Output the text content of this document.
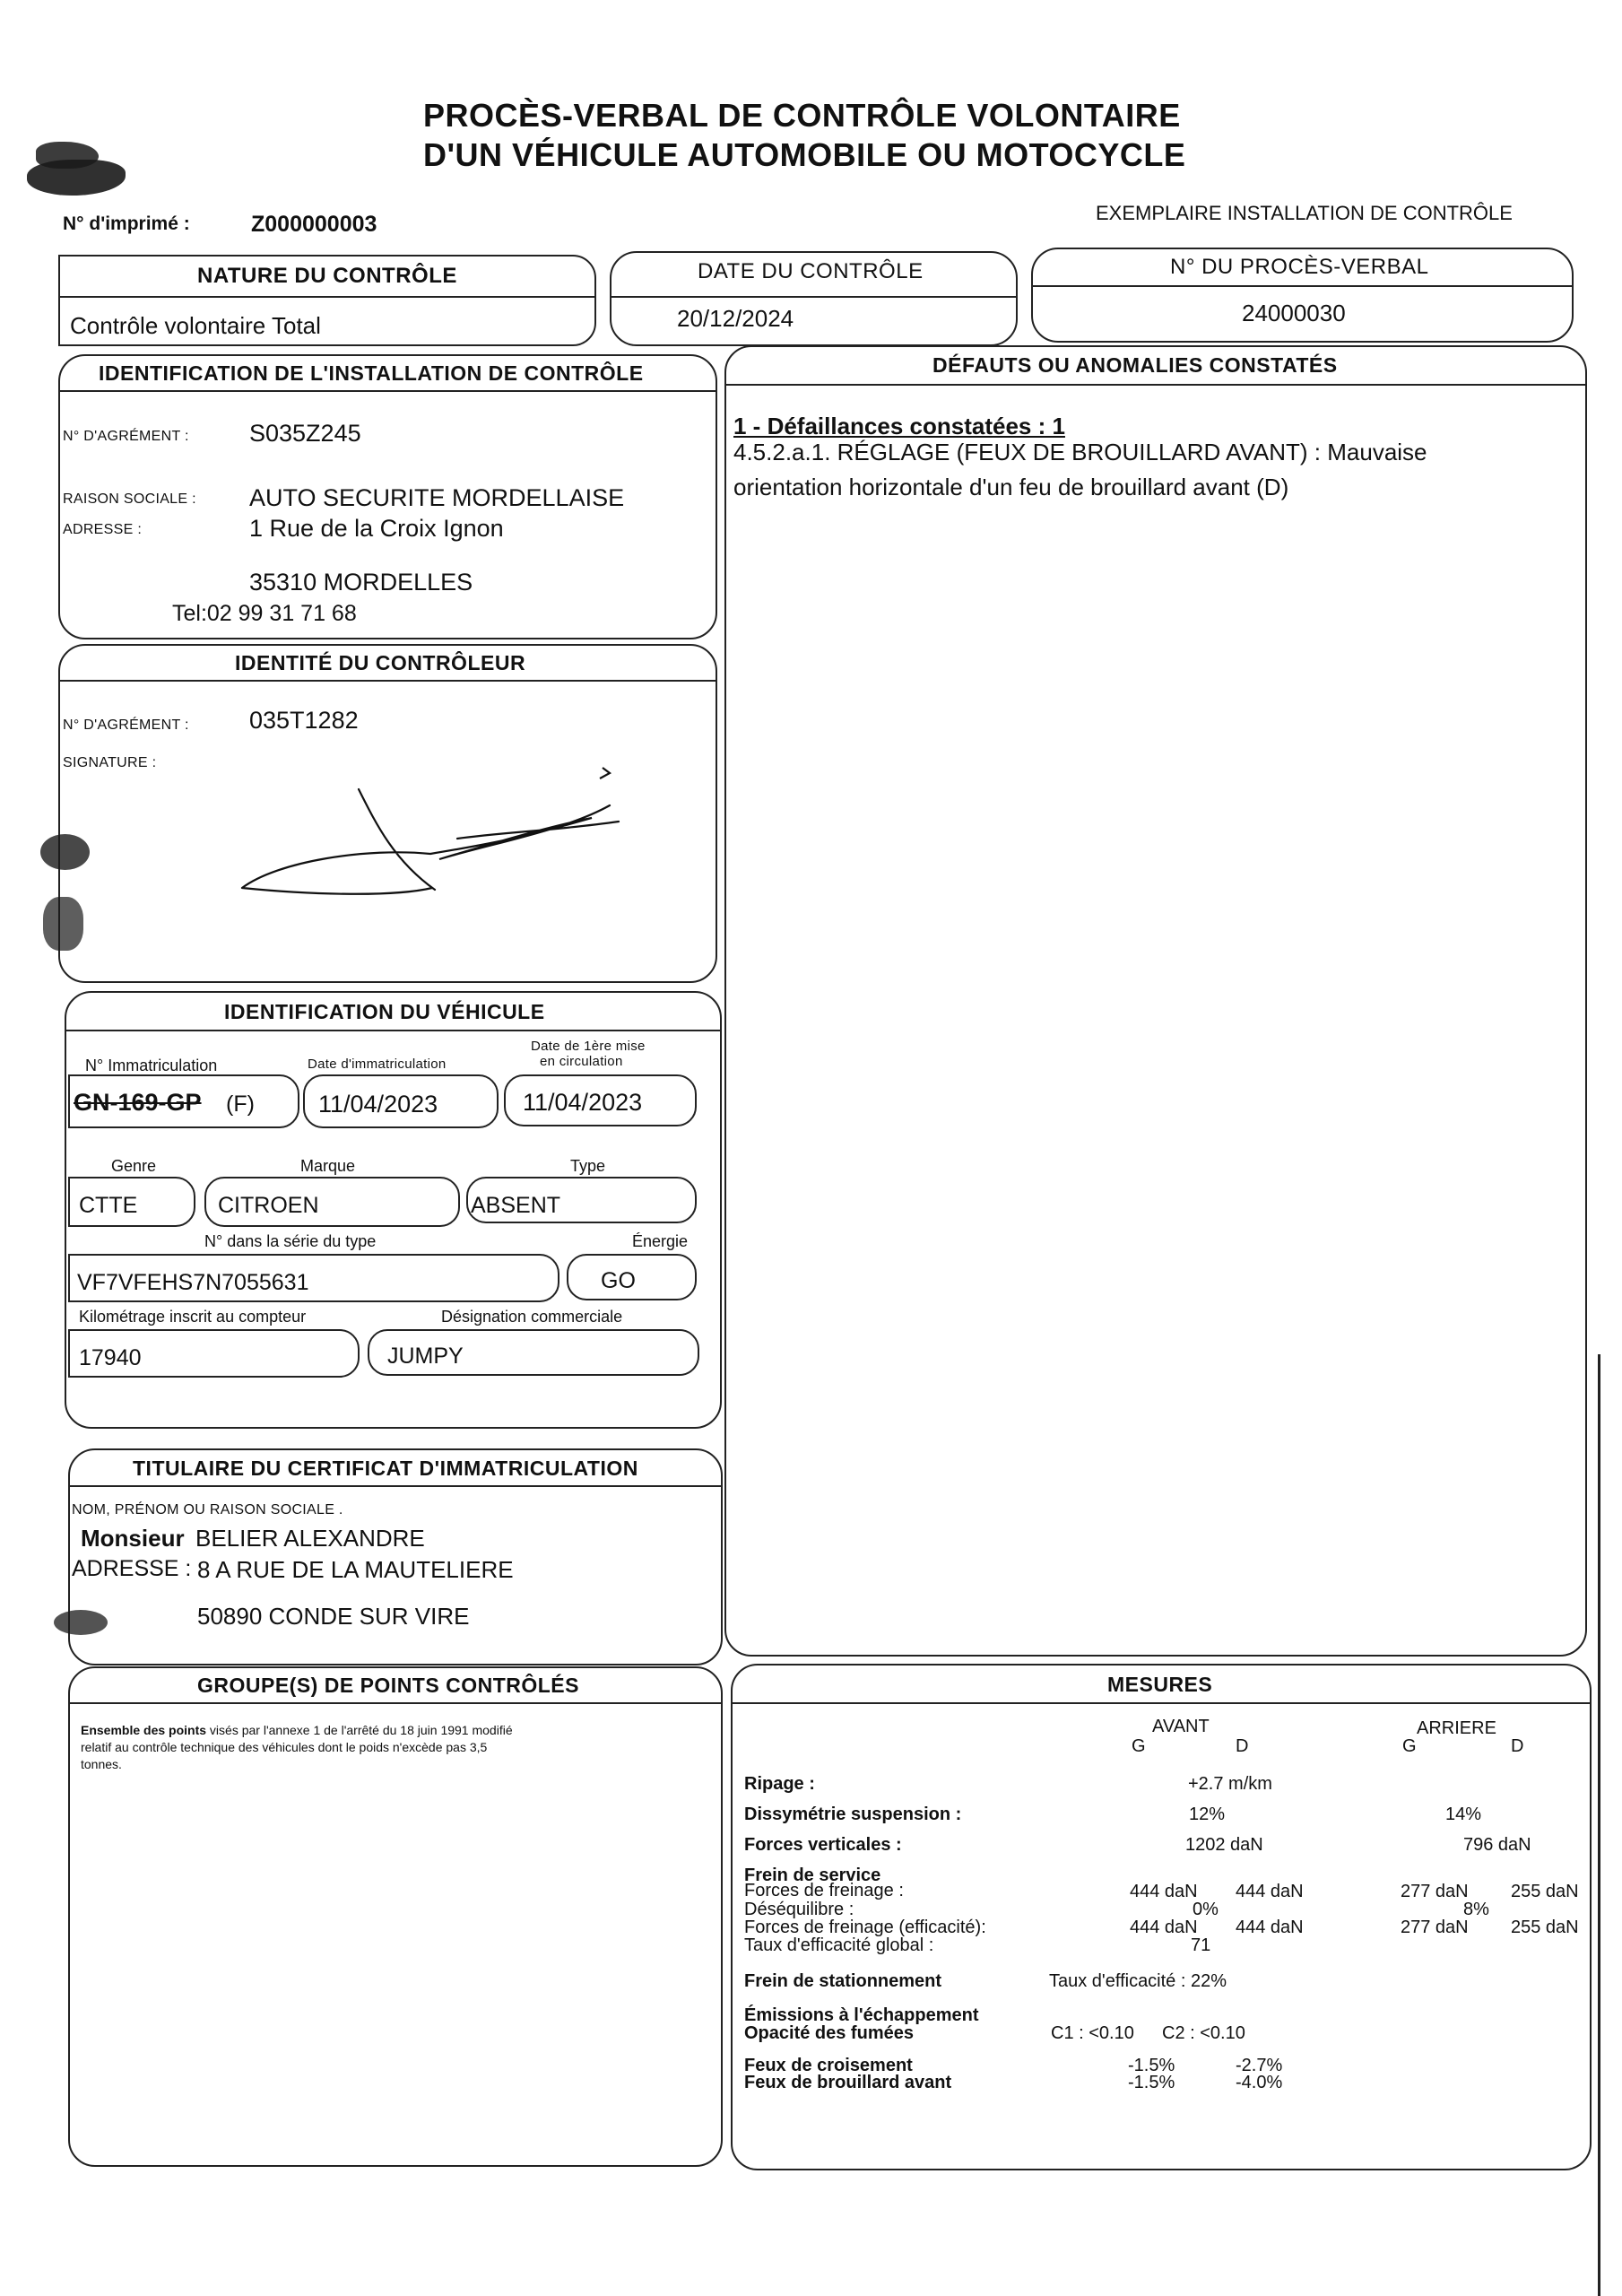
PROCÈS-VERBAL DE CONTRÔLE VOLONTAIRE
D'UN VÉHICULE AUTOMOBILE OU MOTOCYCLE
N° d'imprimé :	Z000000003	EXEMPLAIRE INSTALLATION DE CONTRÔLE
NATURE DU CONTRÔLE
Contrôle volontaire Total
DATE DU CONTRÔLE
20/12/2024
N° DU PROCÈS-VERBAL
24000030
IDENTIFICATION DE L'INSTALLATION DE CONTRÔLE
N° D'AGRÉMENT : S035Z245
RAISON SOCIALE : AUTO SECURITE MORDELLAISE
ADRESSE :	1 Rue de la Croix Ignon
35310 MORDELLES
Tel:02 99 31 71 68
IDENTITÉ DU CONTRÔLEUR
N° D'AGRÉMENT : 035T1282
SIGNATURE :
IDENTIFICATION DU VÉHICULE
N° Immatriculation	Date d'immatriculation
Date de 1ère mise
en circulation
GN-169-GP (F)	11/04/2023	11/04/2023
Genre	Marque	Type
CTTE	CITROEN	ABSENT
N° dans la série du type	Énergie
VF7VFEHS7N7055631	GO
Kilométrage inscrit au compteur	Désignation commerciale
17940	JUMPY
TITULAIRE DU CERTIFICAT D'IMMATRICULATION
NOM, PRÉNOM OU RAISON SOCIALE .
Monsieur BELIER ALEXANDRE
ADRESSE : 8 A RUE DE LA MAUTELIERE
50890 CONDE SUR VIRE
DÉFAUTS OU ANOMALIES CONSTATÉS
1 - Défaillances constatées : 1
4.5.2.a.1. RÉGLAGE (FEUX DE BROUILLARD AVANT) : Mauvaise
orientation horizontale d'un feu de brouillard avant (D)
GROUPE(S) DE POINTS CONTRÔLÉS
Ensemble des points visés par l'annexe 1 de l'arrêté du 18 juin 1991 modifié
relatif au contrôle technique des véhicules dont le poids n'excède pas 3,5
tonnes.
MESURES
AVANT	ARRIERE
G	D	G	D
Ripage :	+2.7 m/km
Dissymétrie suspension :	12%	14%
Forces verticales :	1202 daN	796 daN
Frein de service
Forces de freinage :	444 daN 444 daN	277 daN 255 daN
Déséquilibre :	0%	8%
Forces de freinage (efficacité):	444 daN 444 daN	277 daN 255 daN
Taux d'efficacité global :	71
Frein de stationnement	Taux d'efficacité : 22%
Émissions à l'échappement
Opacité des fumées	C1 : <0.10 C2 : <0.10
Feux de croisement	-1.5%	-2.7%
Feux de brouillard avant	-1.5%	-4.0%
